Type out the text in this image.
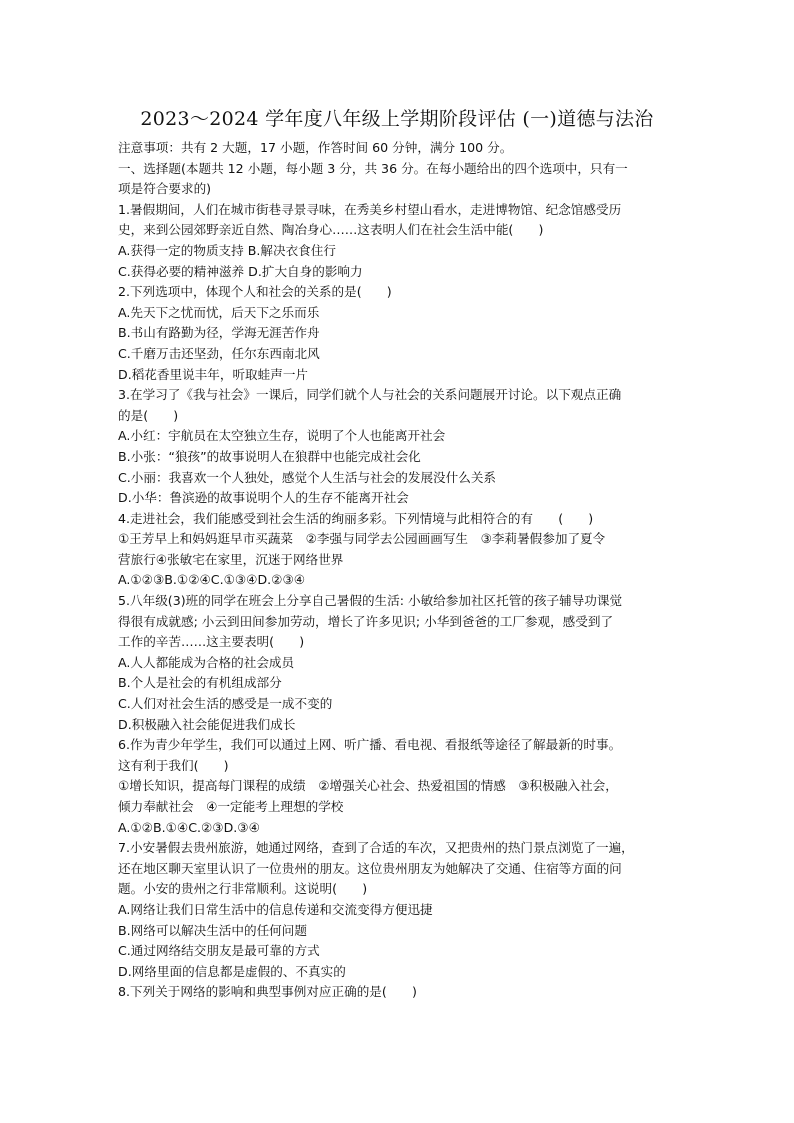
2023～2024 学年度八年级上学期阶段评估 (一)道德与法治
注意事项：共有 2 大题，17 小题，作答时间 60 分钟，满分 100 分。
一、选择题(本题共 12 小题，每小题 3 分，共 36 分。在每小题给出的四个选项中，只有一
项是符合要求的)
1.暑假期间，人们在城市街巷寻景寻味，在秀美乡村望山看水，走进博物馆、纪念馆感受历
史，来到公园郊野亲近自然、陶冶身心……这表明人们在社会生活中能(　　)
A.获得一定的物质支持 B.解决衣食住行
C.获得必要的精神滋养 D.扩大自身的影响力
2.下列选项中，体现个人和社会的关系的是(　　)
A.先天下之忧而忧，后天下之乐而乐
B.书山有路勤为径，学海无涯苦作舟
C.千磨万击还坚劲，任尔东西南北风
D.稻花香里说丰年，听取蛙声一片
3.在学习了《我与社会》一课后，同学们就个人与社会的关系问题展开讨论。以下观点正确
的是(　　)
A.小红：宇航员在太空独立生存，说明了个人也能离开社会
B.小张：“狼孩”的故事说明人在狼群中也能完成社会化
C.小丽：我喜欢一个人独处，感觉个人生活与社会的发展没什么关系
D.小华：鲁滨逊的故事说明个人的生存不能离开社会
4.走进社会，我们能感受到社会生活的绚丽多彩。下列情境与此相符合的有　　(　　)
①王芳早上和妈妈逛早市买蔬菜　②李强与同学去公园画画写生　③李莉暑假参加了夏令
营旅行④张敏宅在家里，沉迷于网络世界
A.①②③B.①②④C.①③④D.②③④
5.八年级(3)班的同学在班会上分享自己暑假的生活: 小敏给参加社区托管的孩子辅导功课觉
得很有成就感; 小云到田间参加劳动，增长了许多见识; 小华到爸爸的工厂参观，感受到了
工作的辛苦……这主要表明(　　)
A.人人都能成为合格的社会成员
B.个人是社会的有机组成部分
C.人们对社会生活的感受是一成不变的
D.积极融入社会能促进我们成长
6.作为青少年学生，我们可以通过上网、听广播、看电视、看报纸等途径了解最新的时事。
这有利于我们(　　)
①增长知识，提高每门课程的成绩　②增强关心社会、热爱祖国的情感　③积极融入社会，
倾力奉献社会　④一定能考上理想的学校
A.①②B.①④C.②③D.③④
7.小安暑假去贵州旅游，她通过网络，查到了合适的车次，又把贵州的热门景点浏览了一遍，
还在地区聊天室里认识了一位贵州的朋友。这位贵州朋友为她解决了交通、住宿等方面的问
题。小安的贵州之行非常顺利。这说明(　　)
A.网络让我们日常生活中的信息传递和交流变得方便迅捷
B.网络可以解决生活中的任何问题
C.通过网络结交朋友是最可靠的方式
D.网络里面的信息都是虚假的、不真实的
8.下列关于网络的影响和典型事例对应正确的是(　　)
